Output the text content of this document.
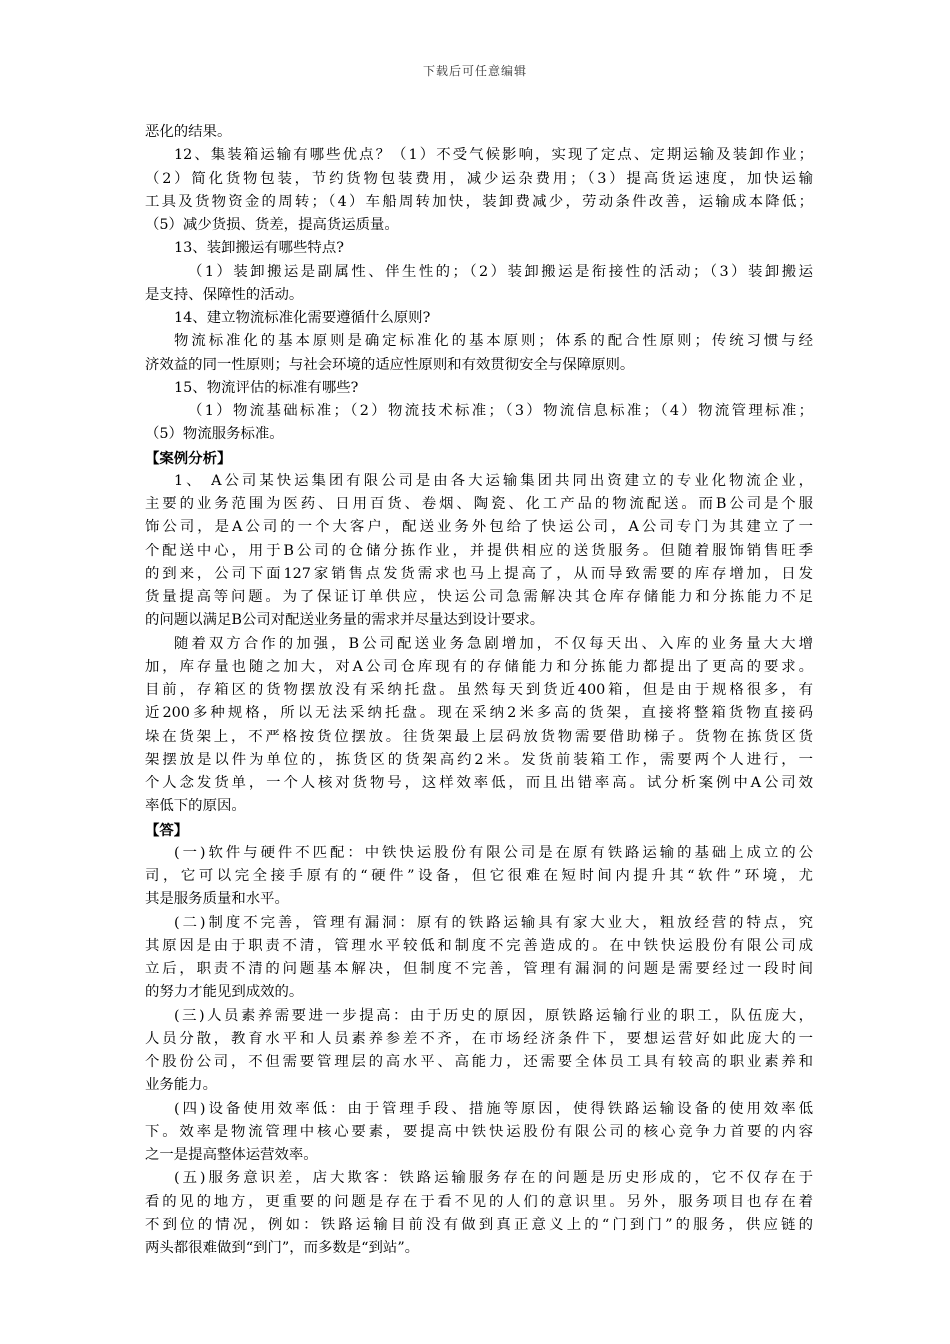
下载后可任意编辑
恶化的结果。
12、集装箱运输有哪些优点？（1）不受气候影响，实现了定点、定期运输及装卸作业；
（2）简化货物包装，节约货物包装费用，减少运杂费用；（3）提高货运速度，加快运输
工具及货物资金的周转；（4）车船周转加快，装卸费减少，劳动条件改善，运输成本降低；
（5）减少货损、货差，提高货运质量。
13、装卸搬运有哪些特点?
（1）装卸搬运是副属性、伴生性的；（2）装卸搬运是衔接性的活动；（3）装卸搬运
是支持、保障性的活动。
14、建立物流标准化需要遵循什么原则?
物流标准化的基本原则是确定标准化的基本原则；体系的配合性原则；传统习惯与经
济效益的同一性原则；与社会环境的适应性原则和有效贯彻安全与保障原则。
15、物流评估的标准有哪些?
（1）物流基础标准；（2）物流技术标准；（3）物流信息标准；（4）物流管理标准；
（5）物流服务标准。
【案例分析】
1、 A公司某快运集团有限公司是由各大运输集团共同出资建立的专业化物流企业，
主要的业务范围为医药、日用百货、卷烟、陶瓷、化工产品的物流配送。而B公司是个服
饰公司，是A公司的一个大客户，配送业务外包给了快运公司，A公司专门为其建立了一
个配送中心，用于B公司的仓储分拣作业，并提供相应的送货服务。但随着服饰销售旺季
的到来，公司下面127家销售点发货需求也马上提高了，从而导致需要的库存增加，日发
货量提高等问题。为了保证订单供应，快运公司急需解决其仓库存储能力和分拣能力不足
的问题以满足B公司对配送业务量的需求并尽量达到设计要求。
随着双方合作的加强，B公司配送业务急剧增加，不仅每天出、入库的业务量大大增
加，库存量也随之加大，对A公司仓库现有的存储能力和分拣能力都提出了更高的要求。
目前，存箱区的货物摆放没有采纳托盘。虽然每天到货近400箱，但是由于规格很多，有
近200多种规格，所以无法采纳托盘。现在采纳2米多高的货架，直接将整箱货物直接码
垛在货架上，不严格按货位摆放。往货架最上层码放货物需要借助梯子。货物在拣货区货
架摆放是以件为单位的，拣货区的货架高约2米。发货前装箱工作，需要两个人进行，一
个人念发货单，一个人核对货物号，这样效率低，而且出错率高。试分析案例中A公司效
率低下的原因。
【答】
(一)软件与硬件不匹配：中铁快运股份有限公司是在原有铁路运输的基础上成立的公
司，它可以完全接手原有的“硬件”设备，但它很难在短时间内提升其“软件”环境，尤
其是服务质量和水平。
(二)制度不完善，管理有漏洞：原有的铁路运输具有家大业大，粗放经营的特点，究
其原因是由于职责不清，管理水平较低和制度不完善造成的。在中铁快运股份有限公司成
立后，职责不清的问题基本解决，但制度不完善，管理有漏洞的问题是需要经过一段时间
的努力才能见到成效的。
(三)人员素养需要进一步提高：由于历史的原因，原铁路运输行业的职工，队伍庞大，
人员分散，教育水平和人员素养参差不齐，在市场经济条件下，要想运营好如此庞大的一
个股份公司，不但需要管理层的高水平、高能力，还需要全体员工具有较高的职业素养和
业务能力。
(四)设备使用效率低：由于管理手段、措施等原因，使得铁路运输设备的使用效率低
下。效率是物流管理中核心要素，要提高中铁快运股份有限公司的核心竞争力首要的内容
之一是提高整体运营效率。
(五)服务意识差，店大欺客：铁路运输服务存在的问题是历史形成的，它不仅存在于
看的见的地方，更重要的问题是存在于看不见的人们的意识里。另外，服务项目也存在着
不到位的情况，例如：铁路运输目前没有做到真正意义上的“门到门”的服务，供应链的
两头都很难做到“到门”，而多数是“到站”。
